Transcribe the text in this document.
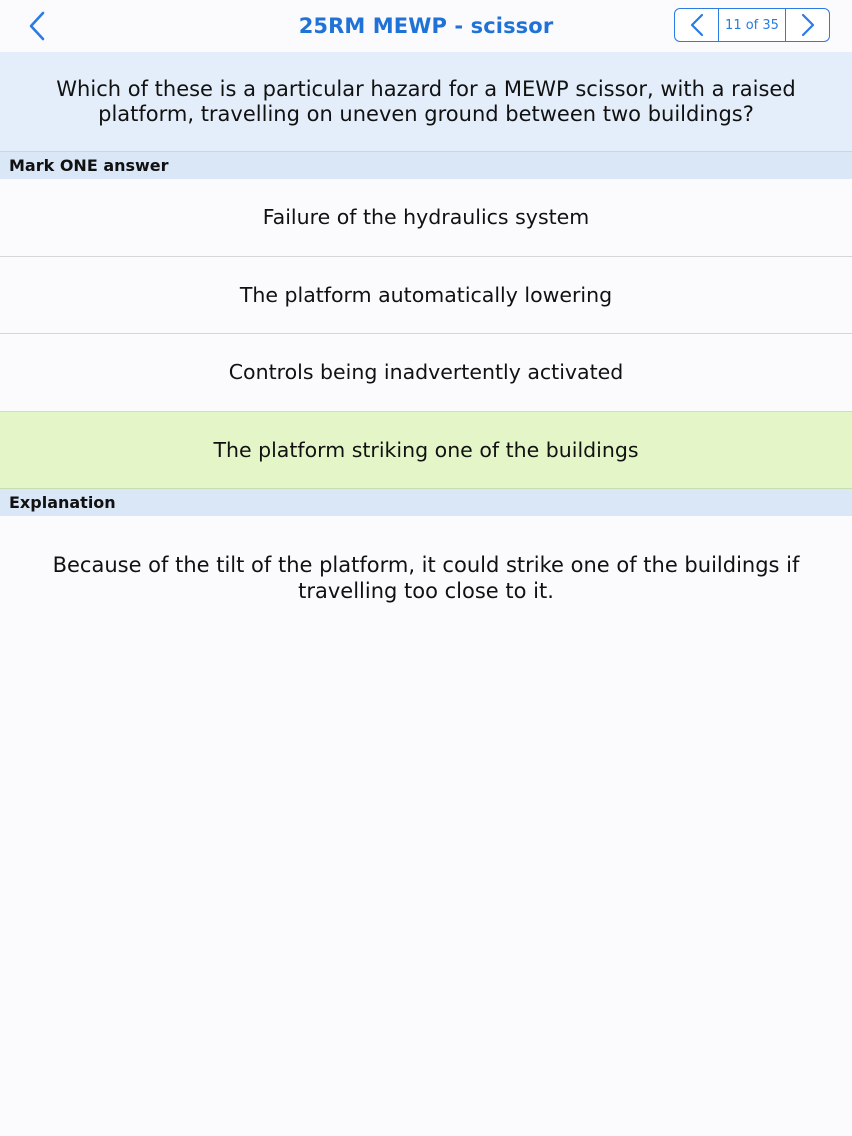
25RM MEWP - scissor	11 of 35
Which of these is a particular hazard for a MEWP scissor, with a raised platform, travelling on uneven ground between two buildings?
Mark ONE answer
Failure of the hydraulics system
The platform automatically lowering
Controls being inadvertently activated
The platform striking one of the buildings
Explanation
Because of the tilt of the platform, it could strike one of the buildings if travelling too close to it.
